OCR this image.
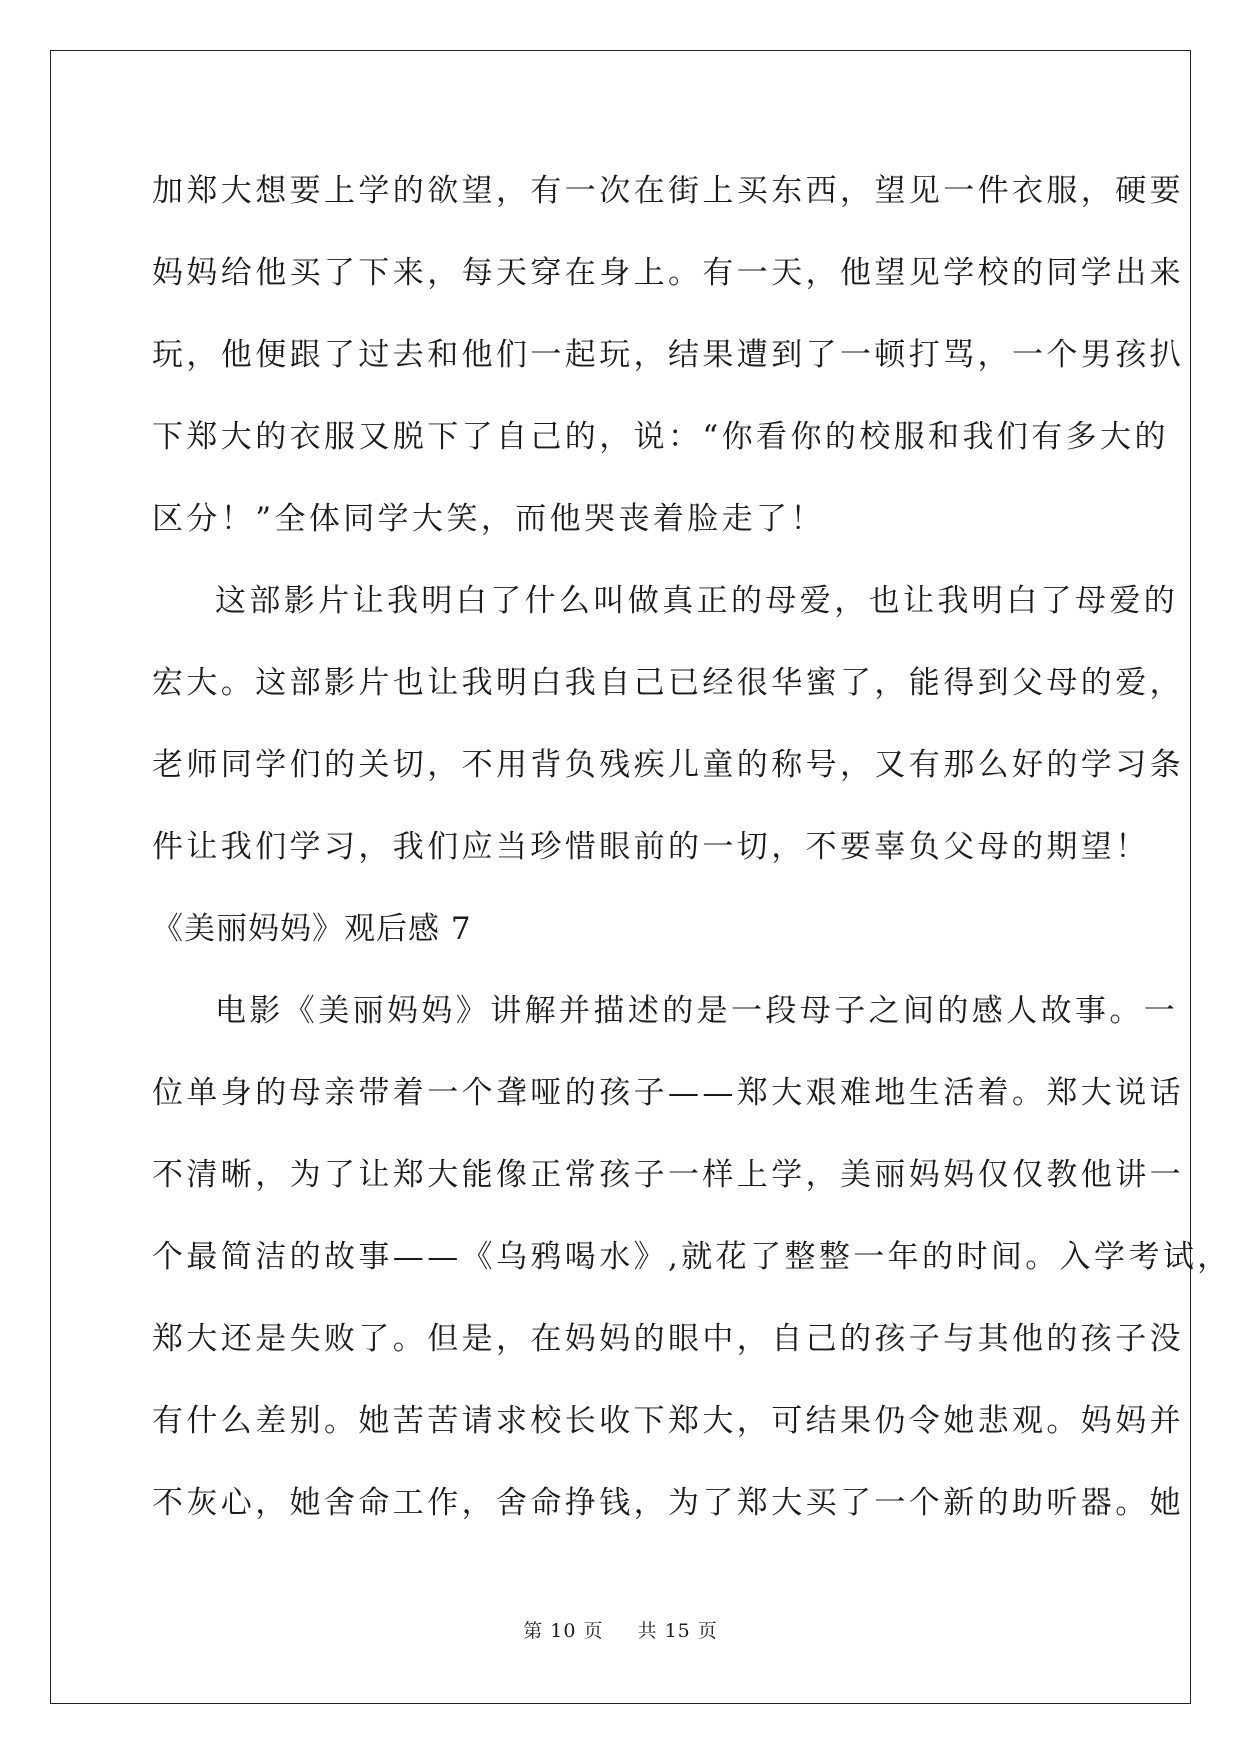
加郑大想要上学的欲望，有一次在街上买东西，望见一件衣服，硬要
妈妈给他买了下来，每天穿在身上。有一天，他望见学校的同学出来
玩，他便跟了过去和他们一起玩，结果遭到了一顿打骂，一个男孩扒
下郑大的衣服又脱下了自己的，说：“你看你的校服和我们有多大的
区分！”全体同学大笑，而他哭丧着脸走了！
这部影片让我明白了什么叫做真正的母爱，也让我明白了母爱的
宏大。这部影片也让我明白我自己已经很华蜜了，能得到父母的爱，
老师同学们的关切，不用背负残疾儿童的称号，又有那么好的学习条
件让我们学习，我们应当珍惜眼前的一切，不要辜负父母的期望！
《美丽妈妈》观后感 7
电影《美丽妈妈》讲解并描述的是一段母子之间的感人故事。一
位单身的母亲带着一个聋哑的孩子——郑大艰难地生活着。郑大说话
不清晰，为了让郑大能像正常孩子一样上学，美丽妈妈仅仅教他讲一
个最简洁的故事——《乌鸦喝水》,就花了整整一年的时间。入学考试，
郑大还是失败了。但是，在妈妈的眼中，自己的孩子与其他的孩子没
有什么差别。她苦苦请求校长收下郑大，可结果仍令她悲观。妈妈并
不灰心，她舍命工作，舍命挣钱，为了郑大买了一个新的助听器。她
第 10 页 共 15 页
